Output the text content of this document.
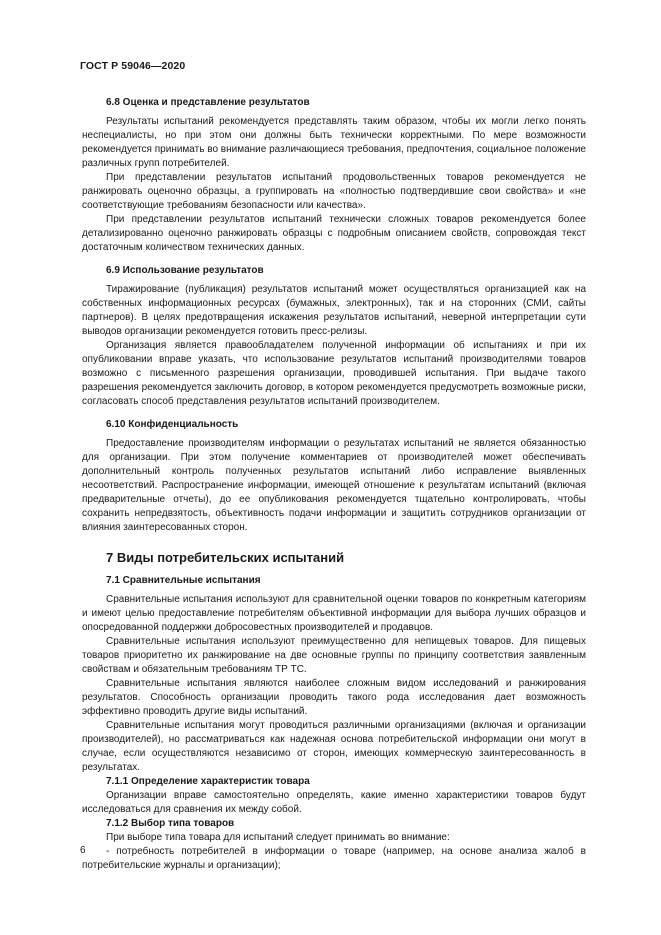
ГОСТ Р 59046—2020
6.8 Оценка и представление результатов

Результаты испытаний рекомендуется представлять таким образом, чтобы их могли легко понять неспециалисты, но при этом они должны быть технически корректными. По мере возможности рекомендуется принимать во внимание различающиеся требования, предпочтения, социальное положение различных групп потребителей.

При представлении результатов испытаний продовольственных товаров рекомендуется не ранжировать оценочно образцы, а группировать на «полностью подтвердившие свои свойства» и «не соответствующие требованиям безопасности или качества».

При представлении результатов испытаний технически сложных товаров рекомендуется более детализированно оценочно ранжировать образцы с подробным описанием свойств, сопровождая текст достаточным количеством технических данных.

6.9 Использование результатов

Тиражирование (публикация) результатов испытаний может осуществляться организацией как на собственных информационных ресурсах (бумажных, электронных), так и на сторонних (СМИ, сайты партнеров). В целях предотвращения искажения результатов испытаний, неверной интерпретации сути выводов организации рекомендуется готовить пресс-релизы.

Организация является правообладателем полученной информации об испытаниях и при их опубликовании вправе указать, что использование результатов испытаний производителями товаров возможно с письменного разрешения организации, проводившей испытания. При выдаче такого разрешения рекомендуется заключить договор, в котором рекомендуется предусмотреть возможные риски, согласовать способ представления результатов испытаний производителем.

6.10 Конфиденциальность

Предоставление производителям информации о результатах испытаний не является обязанностью для организации. При этом получение комментариев от производителей может обеспечивать дополнительный контроль полученных результатов испытаний либо исправление выявленных несоответствий. Распространение информации, имеющей отношение к результатам испытаний (включая предварительные отчеты), до ее опубликования рекомендуется тщательно контролировать, чтобы сохранить непредвзятость, объективность подачи информации и защитить сотрудников организации от влияния заинтересованных сторон.

7 Виды потребительских испытаний
7.1 Сравнительные испытания

Сравнительные испытания используют для сравнительной оценки товаров по конкретным категориям и имеют целью предоставление потребителям объективной информации для выбора лучших образцов и опосредованной поддержки добросовестных производителей и продавцов.

Сравнительные испытания используют преимущественно для непищевых товаров. Для пищевых товаров приоритетно их ранжирование на две основные группы по принципу соответствия заявленным свойствам и обязательным требованиям ТР ТС.

Сравнительные испытания являются наиболее сложным видом исследований и ранжирования результатов. Способность организации проводить такого рода исследования дает возможность эффективно проводить другие виды испытаний.

Сравнительные испытания могут проводиться различными организациями (включая и организации производителей), но рассматриваться как надежная основа потребительской информации они могут в случае, если осуществляются независимо от сторон, имеющих коммерческую заинтересованность в результатах.

7.1.1 Определение характеристик товара

Организации вправе самостоятельно определять, какие именно характеристики товаров будут исследоваться для сравнения их между собой.

7.1.2 Выбор типа товаров

При выборе типа товара для испытаний следует принимать во внимание:

- потребность потребителей в информации о товаре (например, на основе анализа жалоб в потребительские журналы и организации);

6
